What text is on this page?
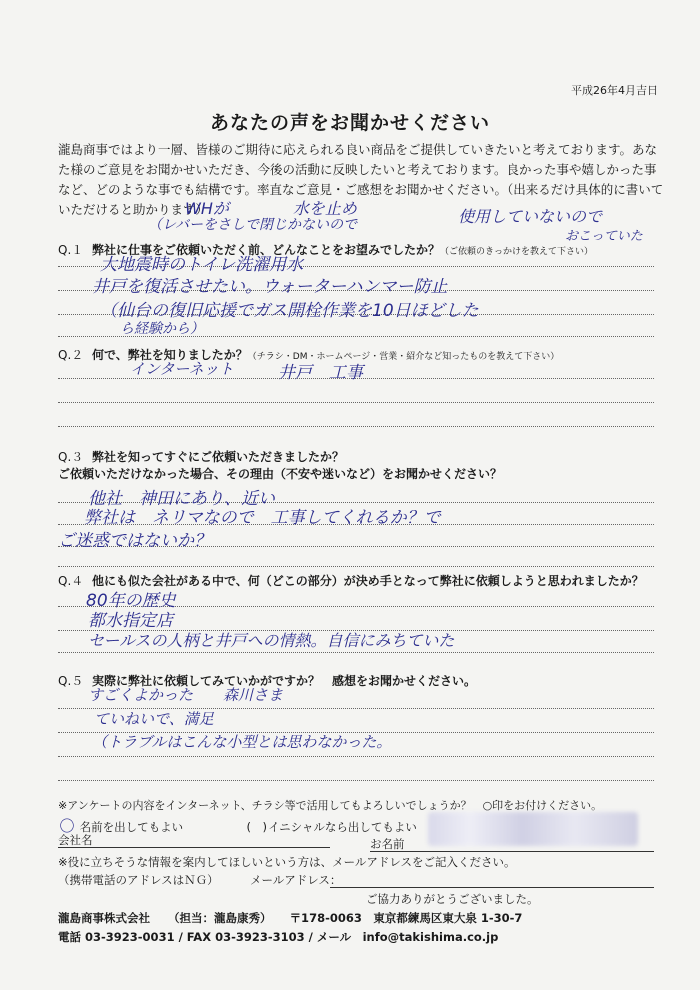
平成26年4月吉日
あなたの声をお聞かせください
瀧島商事ではより一層、皆様のご期待に応えられる良い商品をご提供していきたいと考えております。あなた様のご意見をお聞かせいただき、今後の活動に反映したいと考えております。良かった事や嬉しかった事など、どのような事でも結構です。率直なご意見・ご感想をお聞かせください。（出来るだけ具体的に書いていただけると助かります）
WHが　　　　水を止め
（レバーをさしで閉じかないので	使用していないので
おこっていた
Q.１ 弊社に仕事をご依頼いただく前、どんなことをお望みでしたか？（ご依頼のきっかけを教えて下さい）
大地震時のトイレ洗濯用水
井戸を復活させたい。ウォーターハンマー防止
（仙台の復旧応援でガス開栓作業を10日ほどした
ら経験から）
Q.２ 何で、弊社を知りましたか？（チラシ・DM・ホームページ・営業・紹介など知ったものを教えて下さい）
インターネット	井戸　工事
Q.３ 弊社を知ってすぐにご依頼いただきましたか？
ご依頼いただけなかった場合、その理由（不安や迷いなど）をお聞かせください？
他社　神田にあり、近い
弊社は　ネリマなので　工事してくれるか？で
ご迷惑ではないか？
Q.４ 他にも似た会社がある中で、何（どこの部分）が決め手となって弊社に依頼しようと思われましたか？
80年の歴史
都水指定店
セールスの人柄と井戸への情熱。自信にみちていた
Q.５ 実際に弊社に依頼してみていかがですか？　感想をお聞かせください。
すごくよかった　　森川さま
ていねいで、満足
（トラブルはこんな小型とは思わなかった。
※アンケートの内容をインターネット、チラシ等で活用してもよろしいでしょうか？　○印をお付けください。
〇 名前を出してもよい	(　) イニシャルなら出してもよい
会社名	お名前
※役に立ちそうな情報を案内してほしいという方は、メールアドレスをご記入ください。
（携帯電話のアドレスはＮＧ）	メールアドレス：
ご協力ありがとうございました。
瀧島商事株式会社 （担当：瀧島康秀） 〒178-0063　東京都練馬区東大泉 1-30-7
電話 03-3923-0031 / FAX 03-3923-3103 / メール　info@takishima.co.jp
